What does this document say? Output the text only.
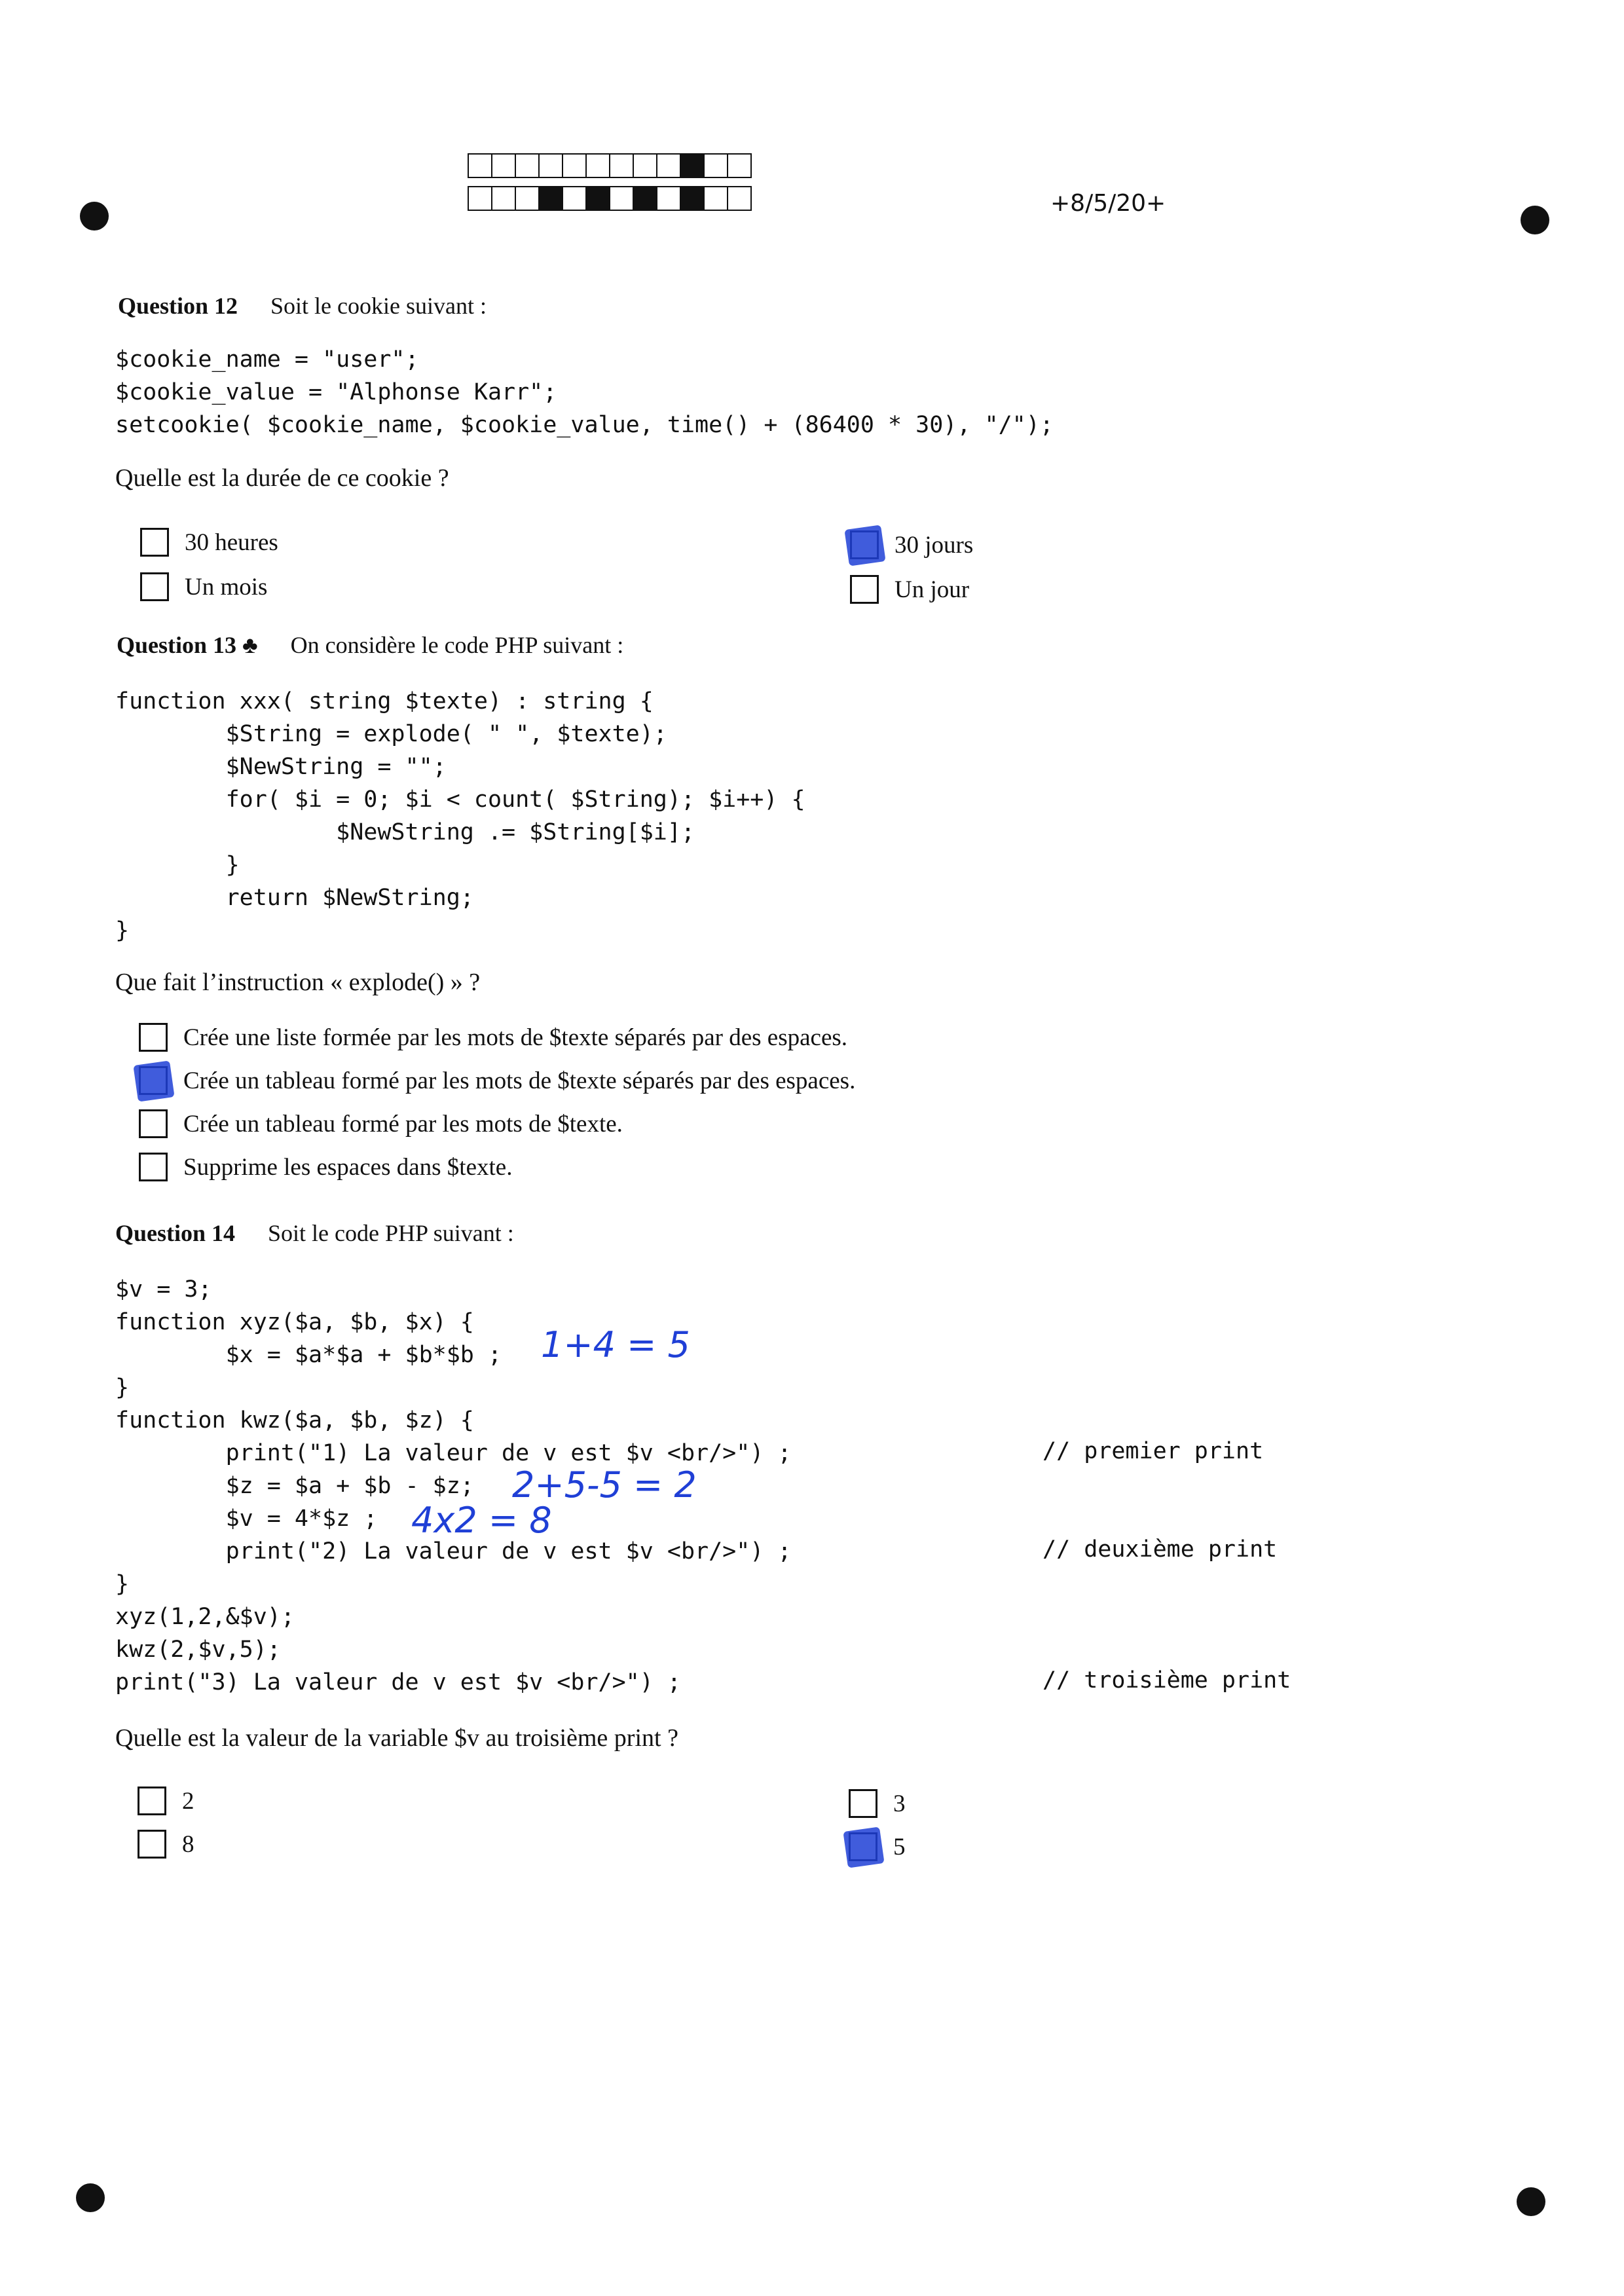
+8/5/20+
Question 12 Soit le cookie suivant :
$cookie_name = "user";
$cookie_value = "Alphonse Karr";
setcookie( $cookie_name, $cookie_value, time() + (86400 * 30), "/");
Quelle est la durée de ce cookie ?
30 heures
Un mois
30 jours
Un jour
Question 13 ♣ On considère le code PHP suivant :
function xxx( string $texte) : string {
$String = explode( " ", $texte);
$NewString = "";
for( $i = 0; $i < count( $String); $i++) {
$NewString .= $String[$i];
}
return $NewString;
}
Que fait l’instruction « explode() » ?
Crée une liste formée par les mots de $texte séparés par des espaces.
Crée un tableau formé par les mots de $texte séparés par des espaces.
Crée un tableau formé par les mots de $texte.
Supprime les espaces dans $texte.
Question 14 Soit le code PHP suivant :
$v = 3;
function xyz($a, $b, $x) {
$x = $a*$a + $b*$b ;
}
function kwz($a, $b, $z) {
print("1) La valeur de v est $v <br/>") ;
$z = $a + $b - $z;
$v = 4*$z ;
print("2) La valeur de v est $v <br/>") ;
}
xyz(1,2,&$v);
kwz(2,$v,5);
print("3) La valeur de v est $v <br/>") ;
// premier print
// deuxième print
// troisième print
1+4 = 5
2+5-5 = 2
4x2 = 8
Quelle est la valeur de la variable $v au troisième print ?
2
8
3
5
